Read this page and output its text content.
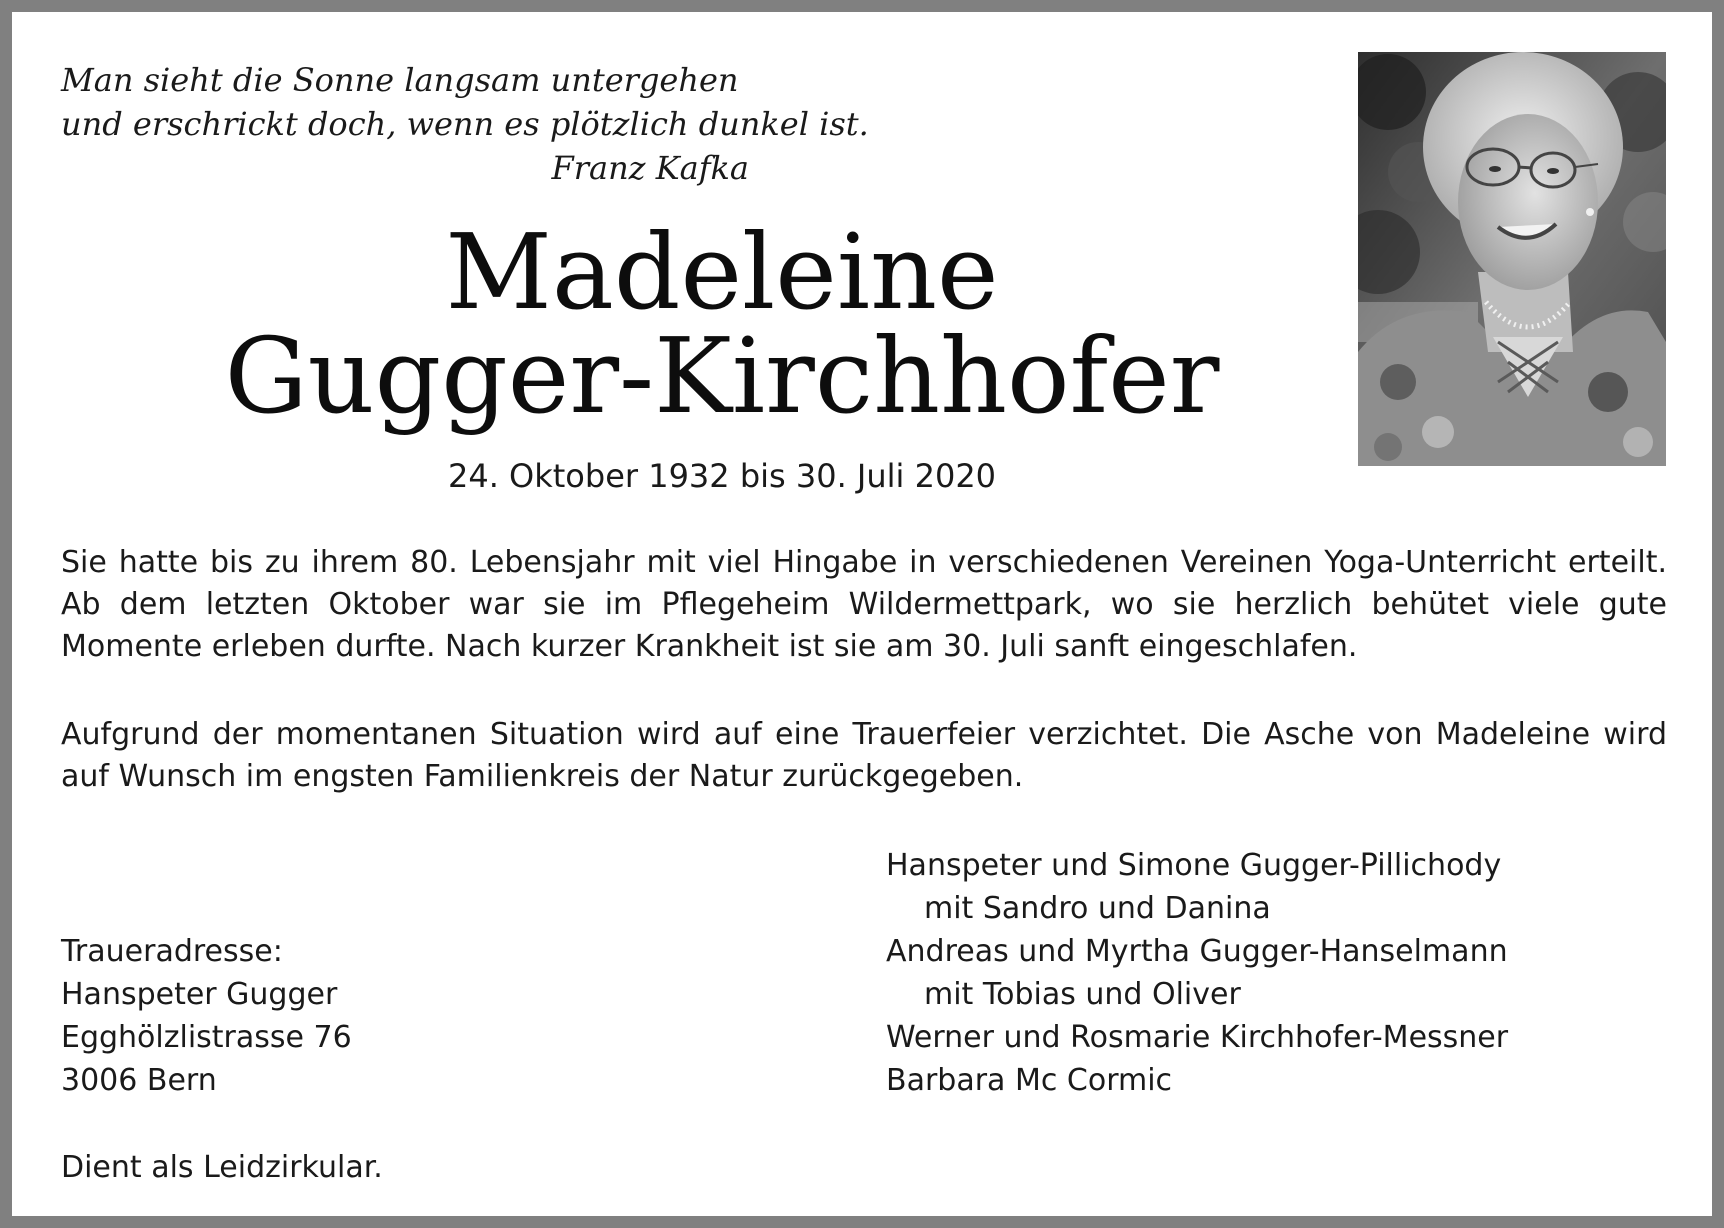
Man sieht die Sonne langsam untergehen
und erschrickt doch, wenn es plötzlich dunkel ist.
Franz Kafka
Madeleine
Gugger-Kirchhofer
24. Oktober 1932 bis 30. Juli 2020
Sie hatte bis zu ihrem 80. Lebensjahr mit viel Hingabe in verschiedenen Vereinen Yoga-Unterricht erteilt. Ab dem letzten Oktober war sie im Pflegeheim Wildermettpark, wo sie herzlich behütet viele gute Momente erleben durfte. Nach kurzer Krankheit ist sie am 30. Juli sanft eingeschlafen.
Aufgrund der momentanen Situation wird auf eine Trauerfeier verzichtet. Die Asche von Madeleine wird auf Wunsch im engsten Familienkreis der Natur zurückgegeben.
Hanspeter und Simone Gugger-Pillichody
mit Sandro und Danina
Andreas und Myrtha Gugger-Hanselmann
mit Tobias und Oliver
Werner und Rosmarie Kirchhofer-Messner
Barbara Mc Cormic
Traueradresse:
Hanspeter Gugger
Egghölzlistrasse 76
3006 Bern
Dient als Leidzirkular.
